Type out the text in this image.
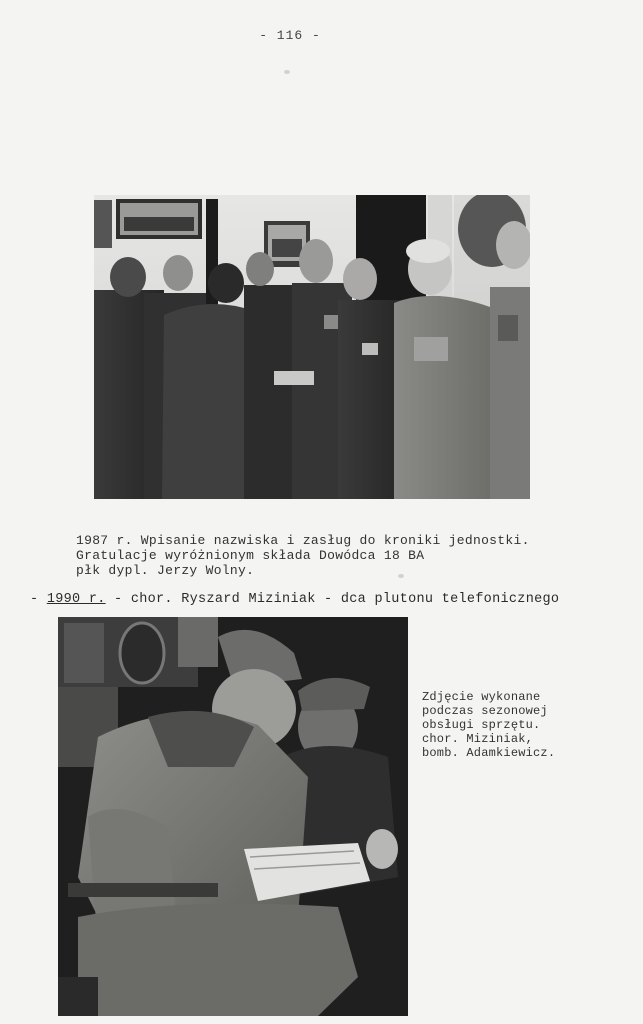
- 116 -
1987 r. Wpisanie nazwiska i zasług do kroniki jednostki.
Gratulacje wyróżnionym składa Dowódca 18 BA
płk dypl. Jerzy Wolny.
- 1990 r. - chor. Ryszard Miziniak - dca plutonu telefonicznego
Zdjęcie wykonane
podczas sezonowej
obsługi sprzętu.
chor. Miziniak,
bomb. Adamkiewicz.
